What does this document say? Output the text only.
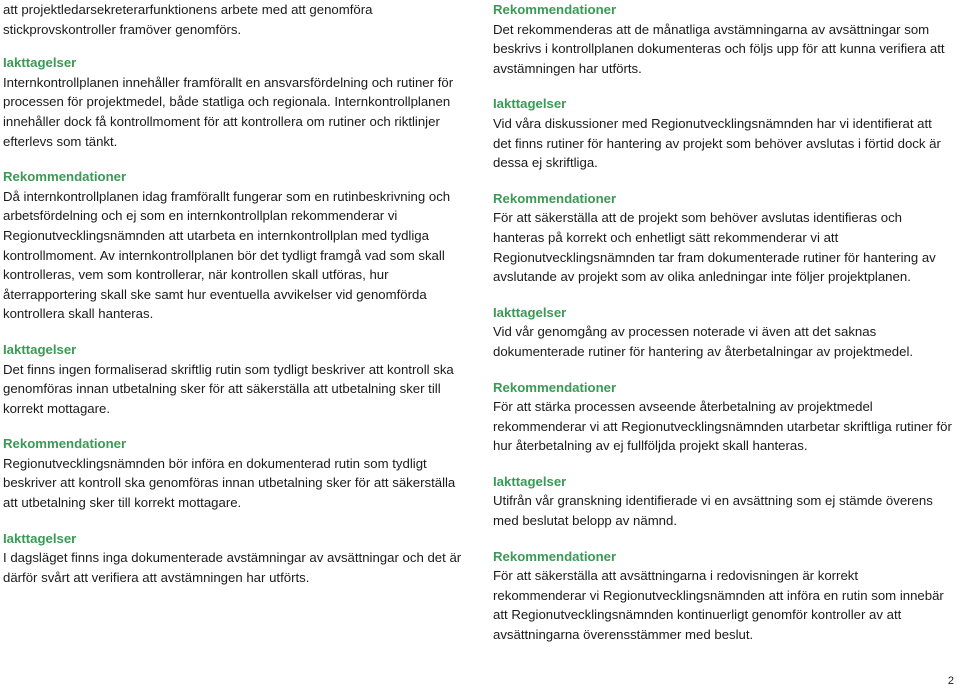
att projektledarsekreterarfunktionens arbete med att genomföra stickprovskontroller framöver genomförs.

Iakttagelser

Internkontrollplanen innehåller framförallt en ansvarsfördelning och rutiner för processen för projektmedel, både statliga och regionala. Internkontrollplanen innehåller dock få kontrollmoment för att kontrollera om rutiner och riktlinjer efterlevs som tänkt.

Rekommendationer

Då internkontrollplanen idag framförallt fungerar som en rutinbeskrivning och arbetsfördelning och ej som en internkontrollplan rekommenderar vi Regionutvecklingsnämnden att utarbeta en internkontrollplan med tydliga kontrollmoment. Av internkontrollplanen bör det tydligt framgå vad som skall kontrolleras, vem som kontrollerar, när kontrollen skall utföras, hur återrapportering skall ske samt hur eventuella avvikelser vid genomförda kontrollera skall hanteras.

Iakttagelser

Det finns ingen formaliserad skriftlig rutin som tydligt beskriver att kontroll ska genomföras innan utbetalning sker för att säkerställa att utbetalning sker till korrekt mottagare.

Rekommendationer

Regionutvecklingsnämnden bör införa en dokumenterad rutin som tydligt beskriver att kontroll ska genomföras innan utbetalning sker för att säkerställa att utbetalning sker till korrekt mottagare.

Iakttagelser

I dagsläget finns inga dokumenterade avstämningar av avsättningar och det är därför svårt att verifiera att avstämningen har utförts.

Rekommendationer

Det rekommenderas att de månatliga avstämningarna av avsättningar som beskrivs i kontrollplanen dokumenteras och följs upp för att kunna verifiera att avstämningen har utförts.

Iakttagelser

Vid våra diskussioner med Regionutvecklingsnämnden har vi identifierat att det finns rutiner för hantering av projekt som behöver avslutas i förtid dock är dessa ej skriftliga.

Rekommendationer

För att säkerställa att de projekt som behöver avslutas identifieras och hanteras på korrekt och enhetligt sätt rekommenderar vi att Regionutvecklingsnämnden tar fram dokumenterade rutiner för hantering av avslutande av projekt som av olika anledningar inte följer projektplanen.

Iakttagelser

Vid vår genomgång av processen noterade vi även att det saknas dokumenterade rutiner för hantering av återbetalningar av projektmedel.

Rekommendationer

För att stärka processen avseende återbetalning av projektmedel rekommenderar vi att Regionutvecklingsnämnden utarbetar skriftliga rutiner för hur återbetalning av ej fullföljda projekt skall hanteras.

Iakttagelser

Utifrån vår granskning identifierade vi en avsättning som ej stämde överens med beslutat belopp av nämnd.

Rekommendationer

För att säkerställa att avsättningarna i redovisningen är korrekt rekommenderar vi Regionutvecklingsnämnden att införa en rutin som innebär att Regionutvecklingsnämnden kontinuerligt genomför kontroller av att avsättningarna överensstämmer med beslut.

2
